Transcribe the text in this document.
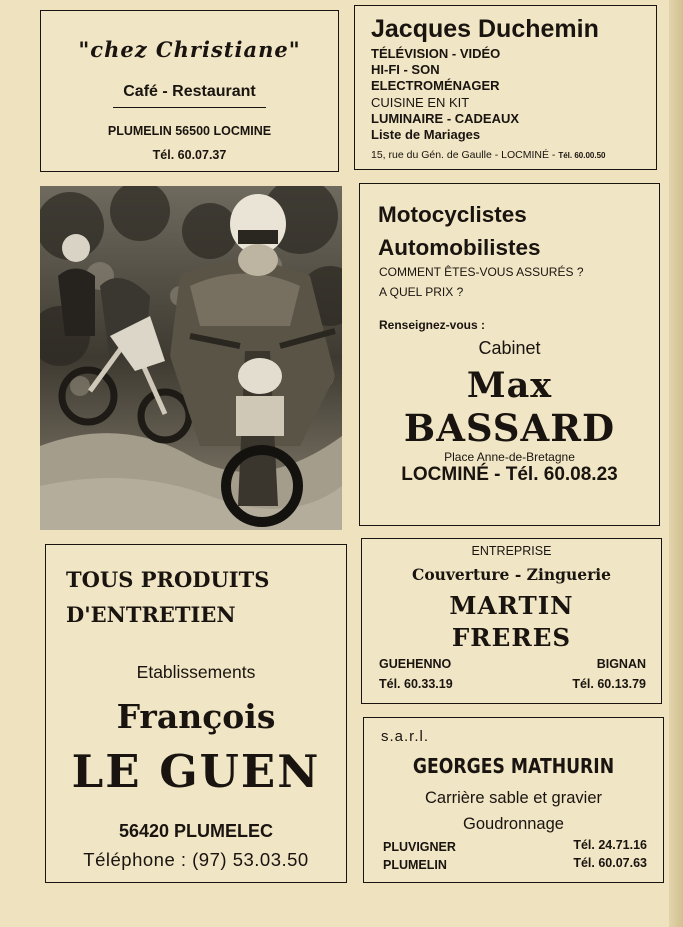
"chez Christiane"
Café - Restaurant
PLUMELIN 56500 LOCMINE
Tél. 60.07.37
Jacques Duchemin
TÉLÉVISION - VIDÉO
HI-FI - SON
ELECTROMÉNAGER
CUISINE EN KIT
LUMINAIRE - CADEAUX
Liste de Mariages
15, rue du Gén. de Gaulle - LOCMINÉ - Tél. 60.00.50
Motocyclistes
Automobilistes
COMMENT ÊTES-VOUS ASSURÉS ?
A QUEL PRIX ?
Renseignez-vous :
Cabinet
Max
BASSARD
Place Anne-de-Bretagne
LOCMINÉ - Tél. 60.08.23
TOUS PRODUITS
D'ENTRETIEN
Etablissements
François
LE GUEN
56420 PLUMELEC
Téléphone : (97) 53.03.50
ENTREPRISE
Couverture - Zinguerie
MARTIN
FRERES
GUEHENNO
Tél. 60.33.19
BIGNAN
Tél. 60.13.79
s.a.r.l.
GEORGES MATHURIN
Carrière sable et gravier
Goudronnage
PLUVIGNER	Tél. 24.71.16
PLUMELIN	Tél. 60.07.63
